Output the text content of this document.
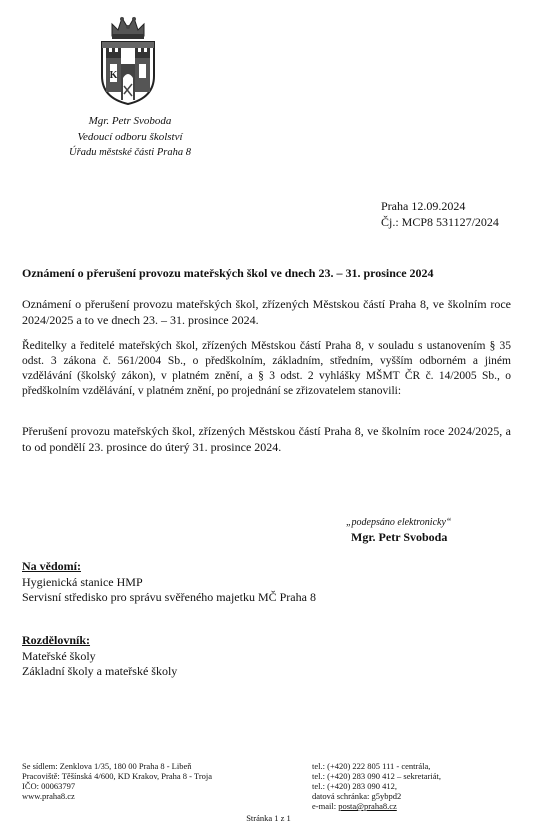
K
Mgr. Petr Svoboda
Vedoucí odboru školství
Úřadu městské části Praha 8
Praha 12.09.2024
Čj.: MCP8 531127/2024
Oznámení o přerušení provozu mateřských škol ve dnech 23. – 31. prosince 2024
Oznámení o přerušení provozu mateřských škol, zřízených Městskou částí Praha 8, ve školním roce 2024/2025 a to ve dnech 23. – 31. prosince 2024.
Ředitelky a ředitelé mateřských škol, zřízených Městskou částí Praha 8, v souladu s ustanovením § 35 odst. 3 zákona č. 561/2004 Sb., o předškolním, základním, středním, vyšším odborném a jiném vzdělávání (školský zákon), v platném znění, a § 3 odst. 2 vyhlášky MŠMT ČR č. 14/2005 Sb., o předškolním vzdělávání, v platném znění, po projednání se zřizovatelem stanovili:
Přerušení provozu mateřských škol, zřízených Městskou částí Praha 8, ve školním roce 2024/2025, a to od pondělí 23. prosince do úterý 31. prosince 2024.
„podepsáno elektronicky“
Mgr. Petr Svoboda
Na vědomí:
Hygienická stanice HMP
Servisní středisko pro správu svěřeného majetku MČ Praha 8
Rozdělovník:
Mateřské školy
Základní školy a mateřské školy
Se sídlem: Zenklova 1/35, 180 00 Praha 8 - Libeň
Pracoviště: Těšínská 4/600, KD Krakov, Praha 8 - Troja
IČO: 00063797
www.praha8.cz
tel.: (+420) 222 805 111 - centrála,
tel.: (+420) 283 090 412 – sekretariát,
tel.: (+420) 283 090 412,
datová schránka: g5ybpd2
e-mail: posta@praha8.cz
Stránka 1 z 1
